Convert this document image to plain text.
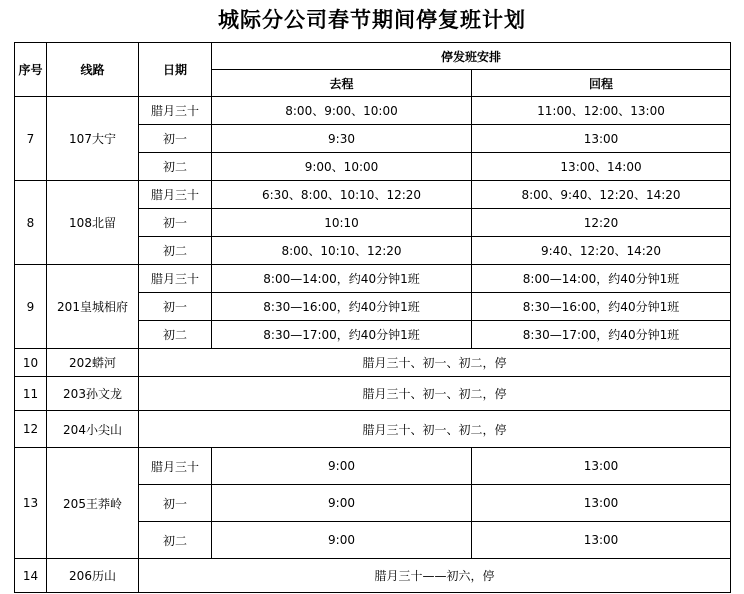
城际分公司春节期间停复班计划
序号	线路	日期	停发班安排	
			去程	回程
7	107大宁	腊月三十	8:00、9:00、10:00	11:00、12:00、13:00
		初一	9:30	13:00
		初二	9:00、10:00	13:00、14:00
8	108北留	腊月三十	6:30、8:00、10:10、12:20	8:00、9:40、12:20、14:20
		初一	10:10	12:20
		初二	8:00、10:10、12:20	9:40、12:20、14:20
9	201皇城相府	腊月三十	8:00—14:00，约40分钟1班	8:00—14:00，约40分钟1班
		初一	8:30—16:00，约40分钟1班	8:30—16:00，约40分钟1班
		初二	8:30—17:00，约40分钟1班	8:30—17:00，约40分钟1班
10	202蟒河	腊月三十、初一、初二，停		
11	203孙文龙	腊月三十、初一、初二，停		
12	204小尖山	腊月三十、初一、初二，停		
13	205王莽岭	腊月三十	9:00	13:00
		初一	9:00	13:00
		初二	9:00	13:00
14	206历山	腊月三十——初六，停		
